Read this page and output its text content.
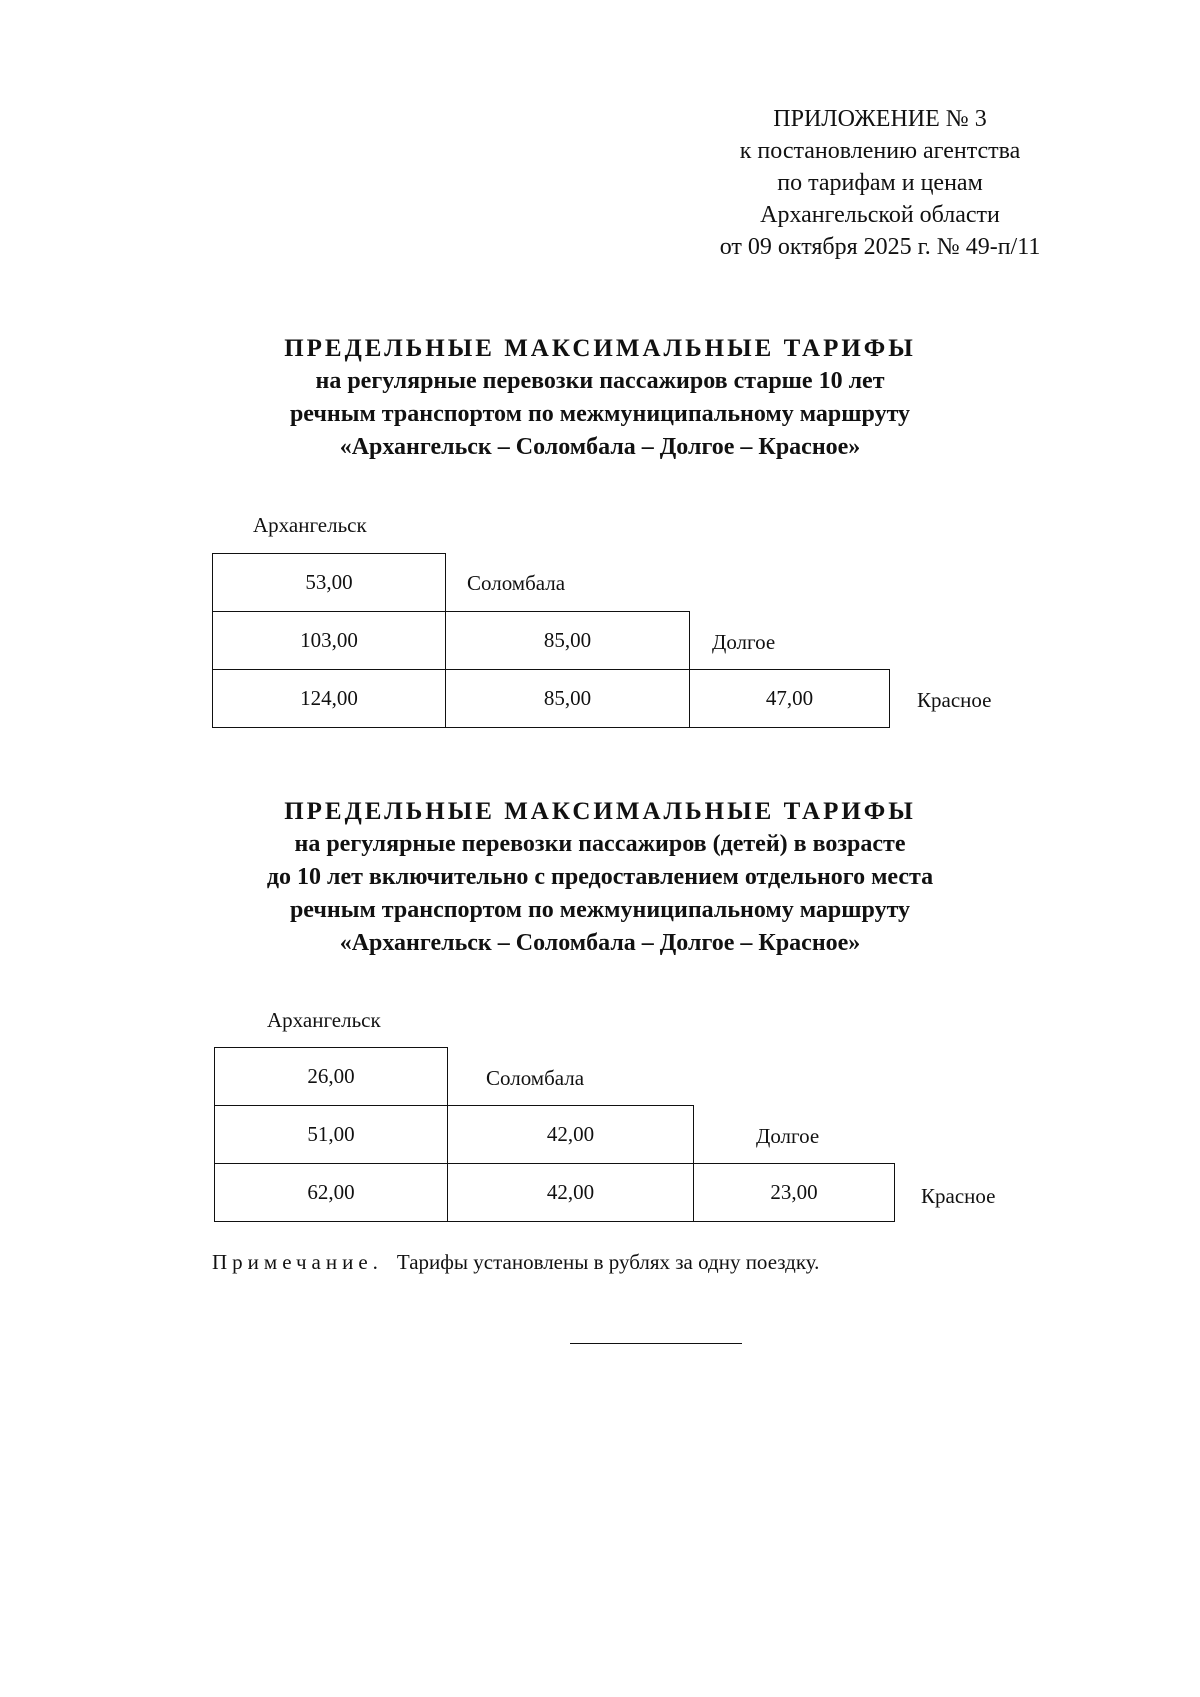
ПРИЛОЖЕНИЕ № 3
к постановлению агентства
по тарифам и ценам
Архангельской области
от 09 октября 2025 г. № 49-п/11
ПРЕДЕЛЬНЫЕ МАКСИМАЛЬНЫЕ ТАРИФЫ
на регулярные перевозки пассажиров старше 10 лет
речным транспортом по межмуниципальному маршруту
«Архангельск – Соломбала – Долгое – Красное»
Архангельск
53,00	Соломбала
103,00	85,00	Долгое
124,00	85,00	47,00	Красное
ПРЕДЕЛЬНЫЕ МАКСИМАЛЬНЫЕ ТАРИФЫ
на регулярные перевозки пассажиров (детей) в возрасте
до 10 лет включительно с предоставлением отдельного места
речным транспортом по межмуниципальному маршруту
«Архангельск – Соломбала – Долгое – Красное»
Архангельск
26,00	Соломбала
51,00	42,00	Долгое
62,00	42,00	23,00	Красное
Примечание. Тарифы установлены в рублях за одну поездку.
